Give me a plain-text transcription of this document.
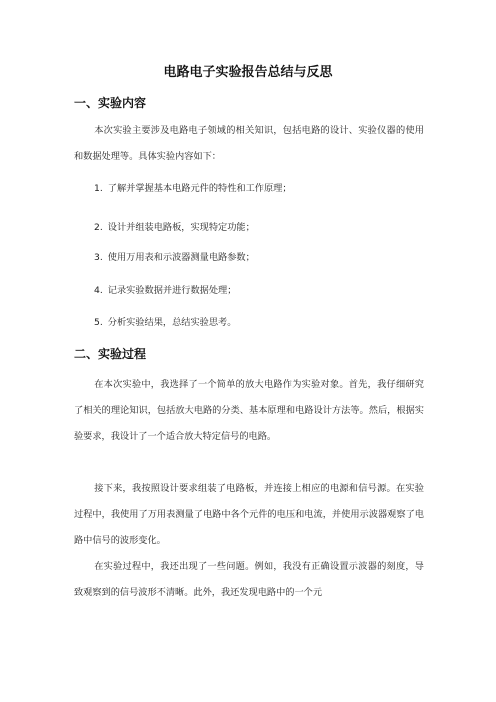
电路电子实验报告总结与反思
一、实验内容
本次实验主要涉及电路电子领域的相关知识，包括电路的设计、实验仪器的使用和数据处理等。具体实验内容如下：
1. 了解并掌握基本电路元件的特性和工作原理；
2. 设计并组装电路板，实现特定功能；
3. 使用万用表和示波器测量电路参数；
4. 记录实验数据并进行数据处理；
5. 分析实验结果，总结实验思考。
二、实验过程
在本次实验中，我选择了一个简单的放大电路作为实验对象。首先，我仔细研究了相关的理论知识，包括放大电路的分类、基本原理和电路设计方法等。然后，根据实验要求，我设计了一个适合放大特定信号的电路。
接下来，我按照设计要求组装了电路板，并连接上相应的电源和信号源。在实验过程中，我使用了万用表测量了电路中各个元件的电压和电流，并使用示波器观察了电路中信号的波形变化。
在实验过程中，我还出现了一些问题。例如，我没有正确设置示波器的刻度，导致观察到的信号波形不清晰。此外，我还发现电路中的一个元
